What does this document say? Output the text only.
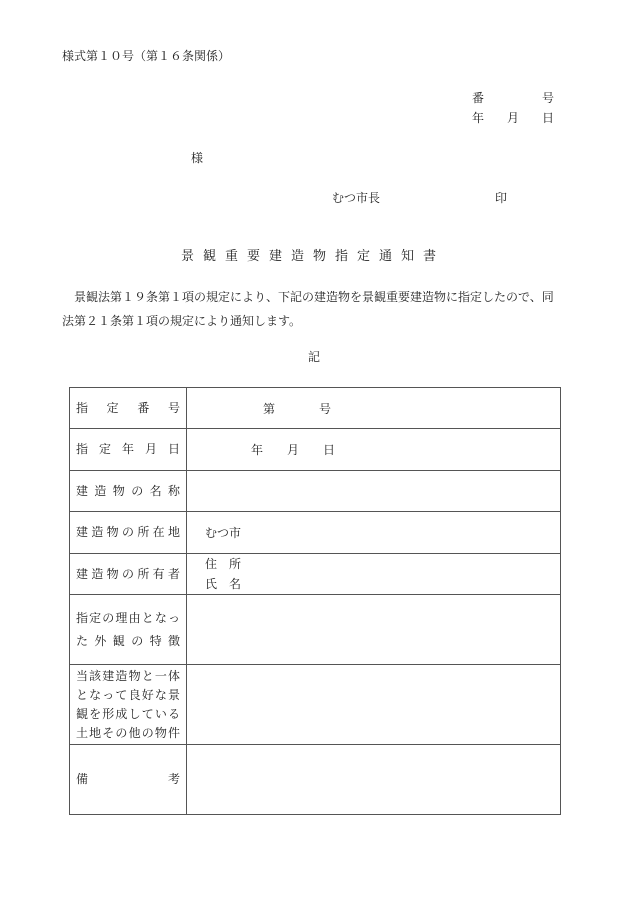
様式第１０号（第１６条関係）
番	号
年 月 日
様
むつ市長	印
景観重要建造物指定通知書
景観法第１９条第１項の規定により、下記の建造物を景観重要建造物に指定したので、同法第２１条第１項の規定により通知します。
記
指定番号	第 号

指定年月日	年 月 日

建造物の名称	

建造物の所在地	むつ市

建造物の所有者	住　所
氏　名

指定の理由となっ
た外観の特徴	

当該建造物と一体
となって良好な景
観を形成している
土地その他の物件	

備考	
